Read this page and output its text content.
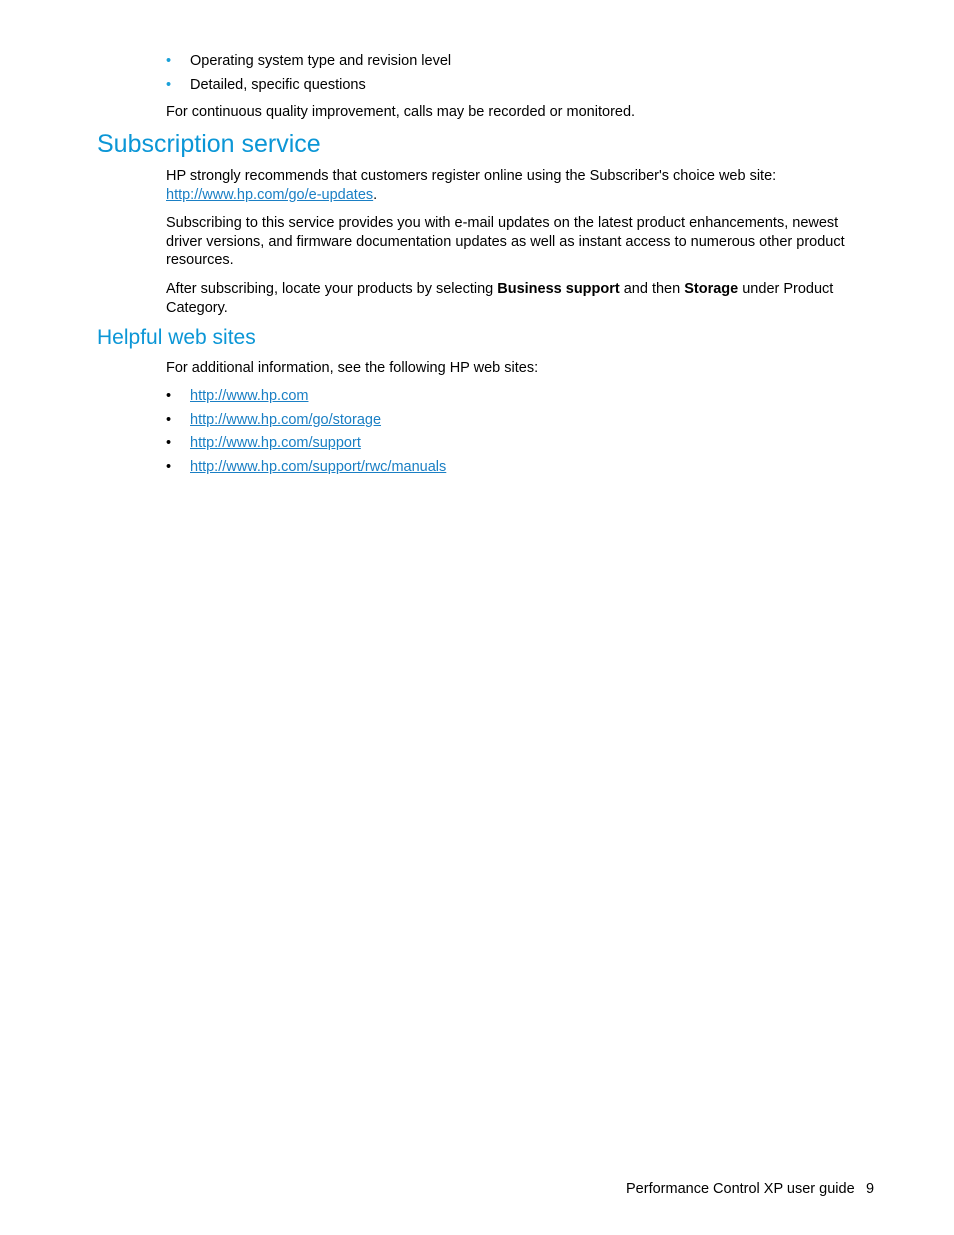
•	Operating system type and revision level
•	Detailed, specific questions

For continuous quality improvement, calls may be recorded or monitored.

Subscription service

HP strongly recommends that customers register online using the Subscriber's choice web site:
http://www.hp.com/go/e-updates.

Subscribing to this service provides you with e-mail updates on the latest product enhancements, newest driver versions, and firmware documentation updates as well as instant access to numerous other product resources.

After subscribing, locate your products by selecting Business support and then Storage under Product Category.

Helpful web sites

For additional information, see the following HP web sites:

•	http://www.hp.com
•	http://www.hp.com/go/storage
•	http://www.hp.com/support
•	http://www.hp.com/support/rwc/manuals
Performance Control XP user guide 9
